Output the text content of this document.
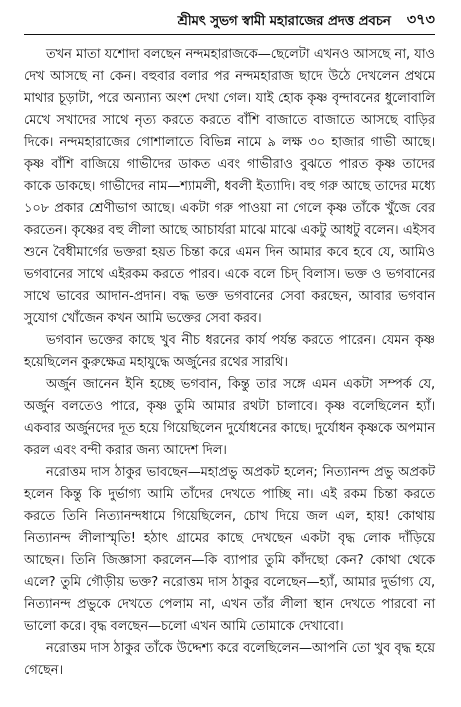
শ্রীমৎ সুভগ স্বামী মহারাজের প্রদত্ত প্রবচন ৩৭৩

তখন মাতা যশোদা বলছেন নন্দমহারাজকে—ছেলেটা এখনও আসছে না, যাও দেখ আসছে না কেন। বহুবার বলার পর নন্দমহারাজ ছাদে উঠে দেখলেন প্রথমে মাথার চূড়াটা, পরে অন্যান্য অংশ দেখা গেল। যাই হোক কৃষ্ণ বৃন্দাবনের ধুলোবালি মেখে সখাদের সাথে নৃত্য করতে করতে বাঁশি বাজাতে বাজাতে আসছে বাড়ির দিকে। নন্দমহারাজের গোশালাতে বিভিন্ন নামে ৯ লক্ষ ৩০ হাজার গাভী আছে। কৃষ্ণ বাঁশি বাজিয়ে গাভীদের ডাকত এবং গাভীরাও বুঝতে পারত কৃষ্ণ তাদের কাকে ডাকছে। গাভীদের নাম—শ্যামলী, ধবলী ইত্যাদি। বহু গরু আছে তাদের মধ্যে ১০৮ প্রকার শ্রেণীভাগ আছে। একটা গরু পাওয়া না গেলে কৃষ্ণ তাঁকে খুঁজে বের করতেন। কৃষ্ণের বহু লীলা আছে আচার্যরা মাঝে মাঝে একটু আধটু বলেন। এইসব শুনে বৈধীমার্গের ভক্তরা হয়ত চিন্তা করে এমন দিন আমার কবে হবে যে, আমিও ভগবানের সাথে এইরকম করতে পারব। একে বলে চিদ্ বিলাস। ভক্ত ও ভগবানের সাথে ভাবের আদান-প্রদান। বদ্ধ ভক্ত ভগবানের সেবা করছেন, আবার ভগবান সুযোগ খোঁজেন কখন আমি ভক্তের সেবা করব।

ভগবান ভক্তের কাছে খুব নীচ ধরনের কার্য পর্যন্ত করতে পারেন। যেমন কৃষ্ণ হয়েছিলেন কুরুক্ষেত্র মহাযুদ্ধে অর্জুনের রথের সারথি।

অর্জুন জানেন ইনি হচ্ছে ভগবান, কিন্তু তার সঙ্গে এমন একটা সম্পর্ক যে, অর্জুন বলতেও পারে, কৃষ্ণ তুমি আমার রথটা চালাবে। কৃষ্ণ বলেছিলেন হ্যাঁ। একবার অর্জুনদের দূত হয়ে গিয়েছিলেন দুর্যোধনের কাছে। দুর্যোধন কৃষ্ণকে অপমান করল এবং বন্দী করার জন্য আদেশ দিল।

নরোত্তম দাস ঠাকুর ভাবছেন—মহাপ্রভু অপ্রকট হলেন; নিত্যানন্দ প্রভু অপ্রকট হলেন কিন্তু কি দুর্ভাগ্য আমি তাঁদের দেখতে পাচ্ছি না। এই রকম চিন্তা করতে করতে তিনি নিত্যানন্দধামে গিয়েছিলেন, চোখ দিয়ে জল এল, হায়! কোথায় নিত্যানন্দ লীলাস্মৃতি! হঠাৎ গ্রামের কাছে দেখছেন একটা বৃদ্ধ লোক দাঁড়িয়ে আছেন। তিনি জিজ্ঞাসা করলেন—কি ব্যাপার তুমি কাঁদছো কেন? কোথা থেকে এলে? তুমি গৌড়ীয় ভক্ত? নরোত্তম দাস ঠাকুর বলেছেন—হ্যাঁ, আমার দুর্ভাগ্য যে, নিত্যানন্দ প্রভুকে দেখতে পেলাম না, এখন তাঁর লীলা স্থান দেখতে পারবো না ভালো করে। বৃদ্ধ বলছেন—চলো এখন আমি তোমাকে দেখাবো।

নরোত্তম দাস ঠাকুর তাঁকে উদ্দেশ্য করে বলেছিলেন—আপনি তো খুব বৃদ্ধ হয়ে গেছেন।
